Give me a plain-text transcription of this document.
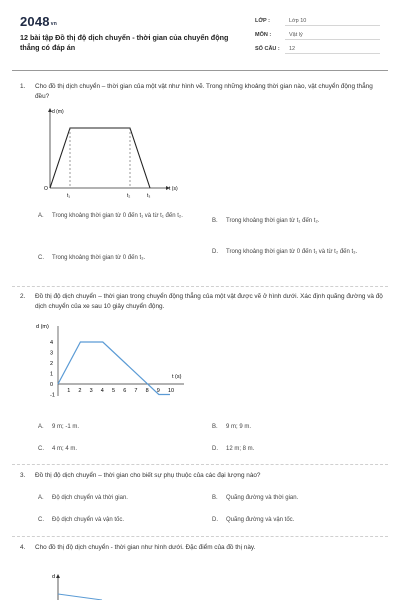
$2048_{vn}$
12 bài tập Đồ thị độ dịch chuyển - thời gian của chuyển động thẳng có đáp án
LỚP :	Lớp 10
MÔN :	Vật lý
SỐ CÂU :	12
1. Cho đồ thị dịch chuyển – thời gian của một vật như hình vẽ. Trong những khoảng thời gian nào, vật chuyển động thẳng đều?
d (m)
t (s)
O
t₁	t₂	t₃
A. Trong khoảng thời gian từ 0 đến t₁ và từ t₁ đến t₂.
B. Trong khoảng thời gian từ t₁ đến t₂.
C. Trong khoảng thời gian từ 0 đến t₃.
D. Trong khoảng thời gian từ 0 đến t₁ và từ t₂ đến t₃.
2. Đồ thị độ dịch chuyển – thời gian trong chuyển động thẳng của một vật được vẽ ở hình dưới. Xác định quãng đường và độ dịch chuyển của xe sau 10 giây chuyển động.
d (m)
t (s)
4
3
2
1
0
-1
1 2 3 4 5 6 7 8 9 10
A. 9 m; -1 m.	B. 9 m; 9 m.
C. 4 m; 4 m.	D. 12 m; 8 m.
3. Đồ thị độ dịch chuyển – thời gian cho biết sự phụ thuộc của các đại lượng nào?
A. Độ dịch chuyển và thời gian.	B. Quãng đường và thời gian.
C. Độ dịch chuyển và vận tốc.	D. Quãng đường và vận tốc.
4. Cho đồ thị độ dịch chuyển - thời gian như hình dưới. Đặc điểm của đồ thị này.
d
